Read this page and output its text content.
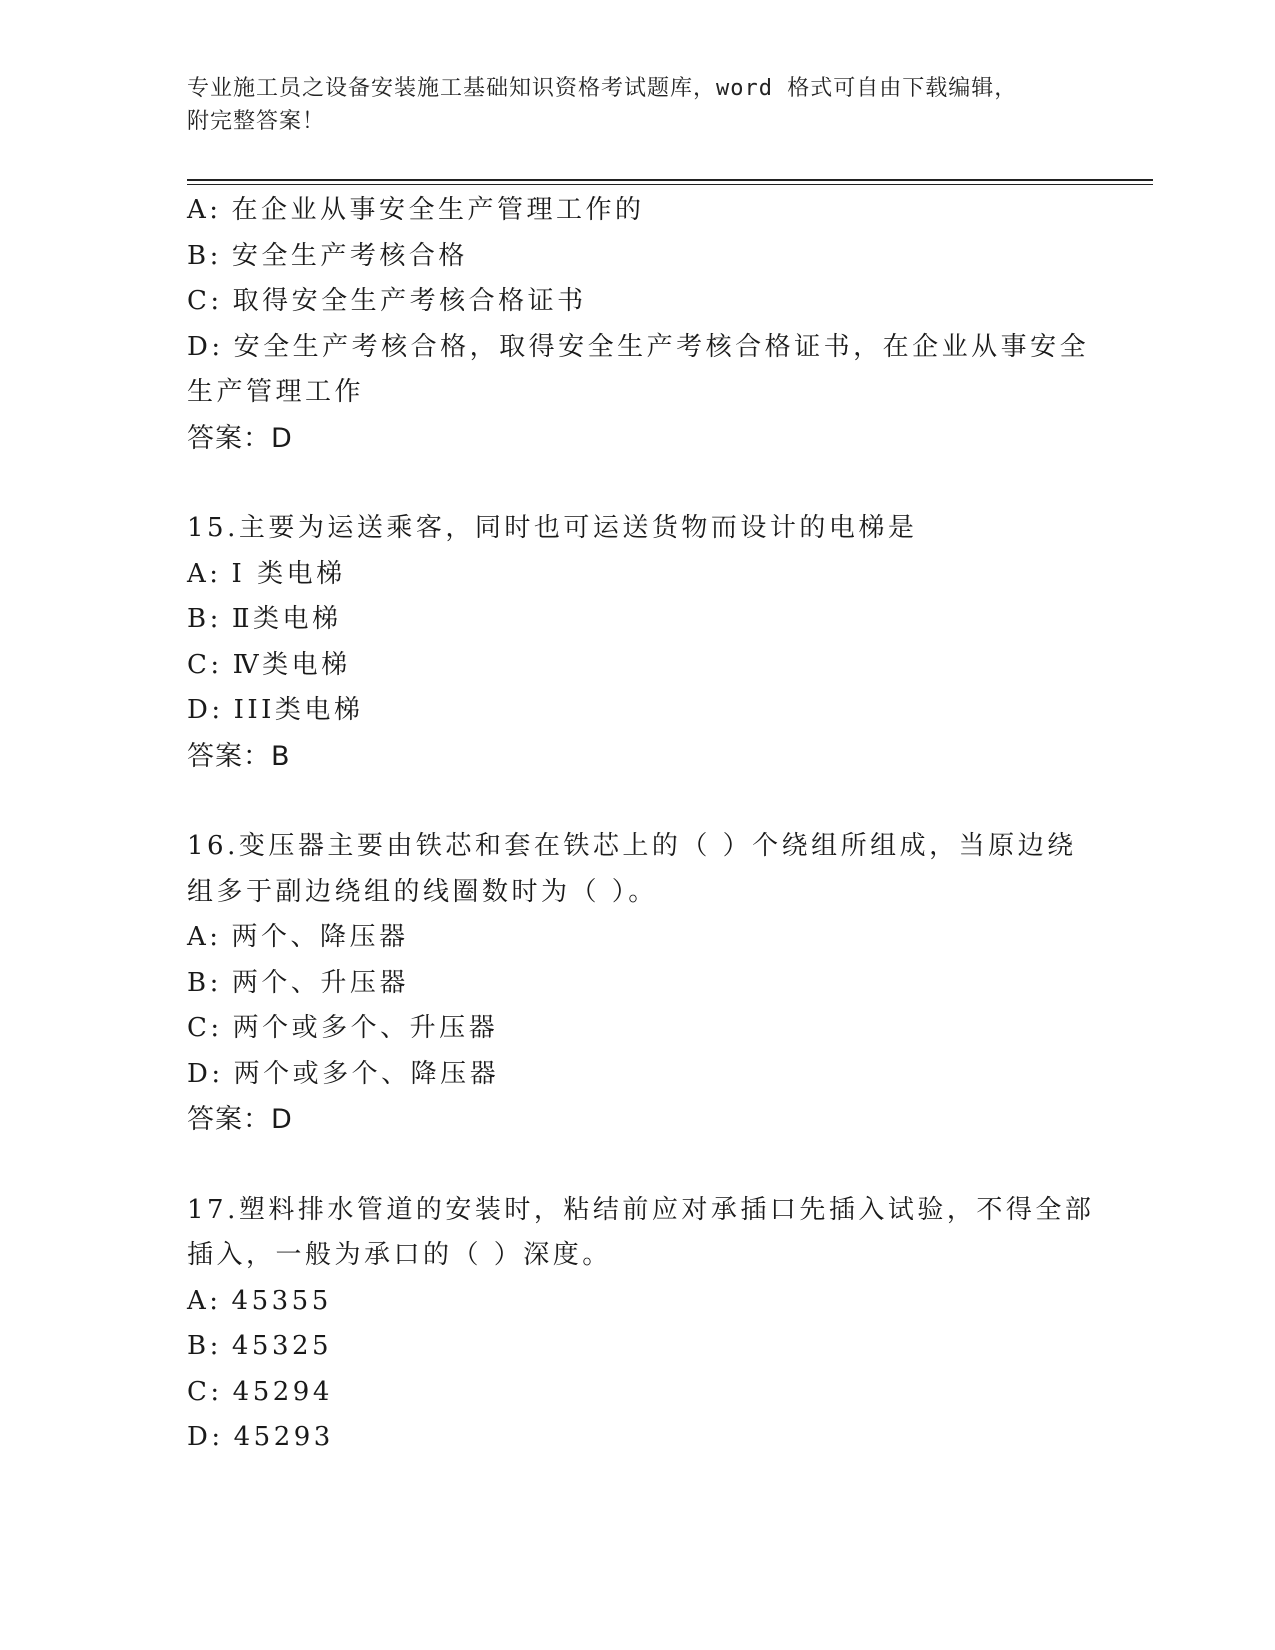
专业施工员之设备安装施工基础知识资格考试题库，word 格式可自由下载编辑，
附完整答案！
A: 在企业从事安全生产管理工作的
B: 安全生产考核合格
C: 取得安全生产考核合格证书
D: 安全生产考核合格，取得安全生产考核合格证书，在企业从事安全
生产管理工作
答案：D
15.主要为运送乘客，同时也可运送货物而设计的电梯是
A: I 类电梯
B: Ⅱ类电梯
C: Ⅳ类电梯
D: III类电梯
答案：B
16.变压器主要由铁芯和套在铁芯上的（ ）个绕组所组成，当原边绕
组多于副边绕组的线圈数时为（ ）。
A: 两个、降压器
B: 两个、升压器
C: 两个或多个、升压器
D: 两个或多个、降压器
答案：D
17.塑料排水管道的安装时，粘结前应对承插口先插入试验，不得全部
插入，一般为承口的（ ）深度。
A: 45355
B: 45325
C: 45294
D: 45293
